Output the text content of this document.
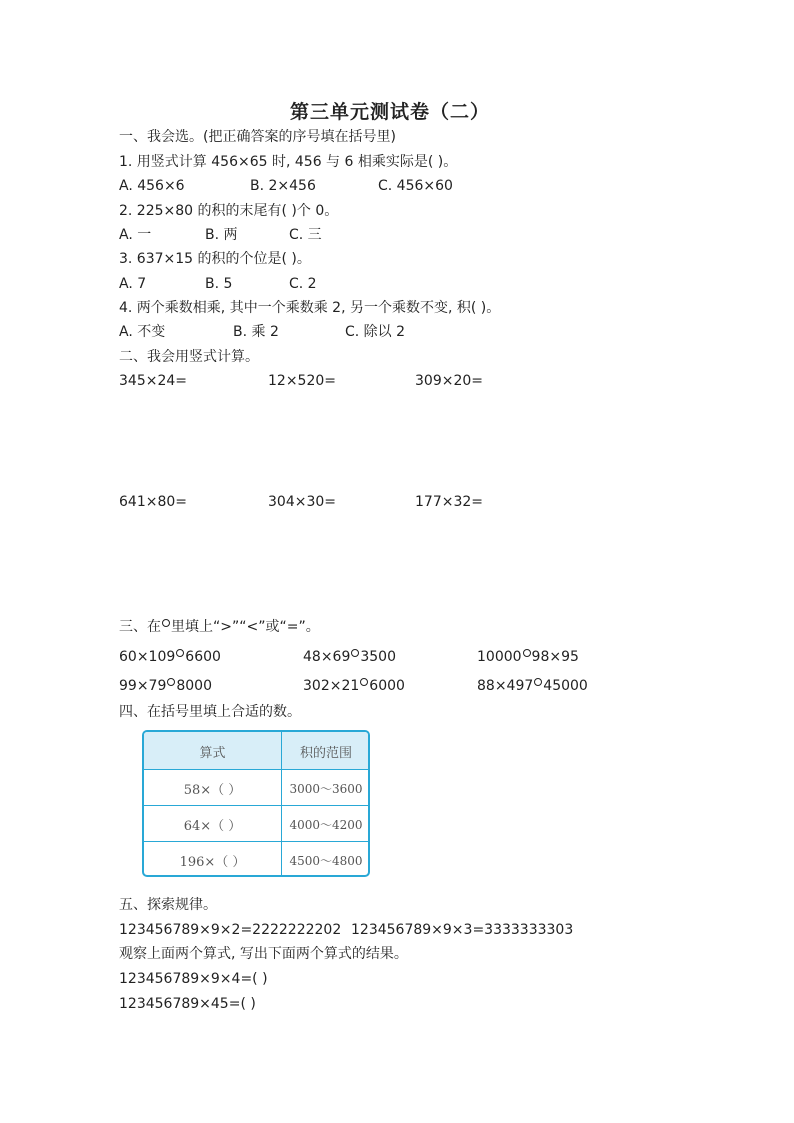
第三单元测试卷（二）
一、我会选。(把正确答案的序号填在括号里)
1. 用竖式计算 456×65 时, 456 与 6 相乘实际是( )。
A. 456×6	B. 2×456	C. 456×60
2. 225×80 的积的末尾有( )个 0。
A. 一	B. 两	C. 三
3. 637×15 的积的个位是( )。
A. 7	B. 5	C. 2
4. 两个乘数相乘, 其中一个乘数乘 2, 另一个乘数不变, 积( )。
A. 不变	B. 乘 2	C. 除以 2
二、我会用竖式计算。
345×24=	12×520=	309×20=
641×80=	304×30=	177×32=
三、在 里填上“>”“<”或“=”。
60×109 6600	48×69 3500	10000 98×95
99×79 8000	302×21 6000	88×497 45000
四、在括号里填上合适的数。
算式	积的范围
58×（ ）	3000～3600
64×（ ）	4000～4200
196×（ ）	4500～4800
五、探索规律。
123456789×9×2=2222222202 123456789×9×3=3333333303
观察上面两个算式, 写出下面两个算式的结果。
123456789×9×4=( )
123456789×45=( )
